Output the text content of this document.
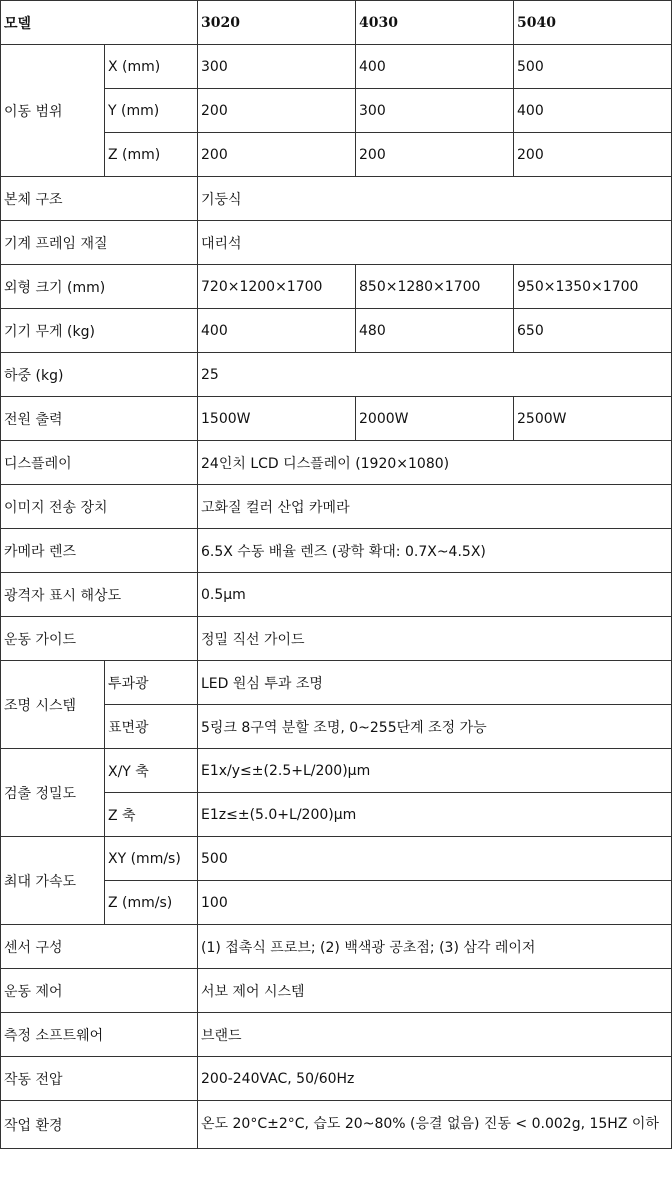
모델		3020	4030	5040
이동 범위	X (mm)	300	400	500
	Y (mm)	200	300	400
	Z (mm)	200	200	200
본체 구조		기둥식		
기계 프레임 재질		대리석		
외형 크기 (mm)		720×1200×1700	850×1280×1700	950×1350×1700
기기 무게 (kg)		400	480	650
하중 (kg)		25		
전원 출력		1500W	2000W	2500W
디스플레이		24인치 LCD 디스플레이 (1920×1080)		
이미지 전송 장치		고화질 컬러 산업 카메라		
카메라 렌즈		6.5X 수동 배율 렌즈 (광학 확대: 0.7X~4.5X)		
광격자 표시 해상도		0.5μm		
운동 가이드		정밀 직선 가이드		
조명 시스템	투과광	LED 원심 투과 조명		
	표면광	5링크 8구역 분할 조명, 0~255단계 조정 가능		
검출 정밀도	X/Y 축	E1x/y≤±(2.5+L/200)μm		
	Z 축	E1z≤±(5.0+L/200)μm		
최대 가속도	XY (mm/s)	500		
	Z (mm/s)	100		
센서 구성		(1) 접촉식 프로브; (2) 백색광 공초점; (3) 삼각 레이저		
운동 제어		서보 제어 시스템		
측정 소프트웨어		브랜드		
작동 전압		200-240VAC, 50/60Hz		
작업 환경		온도 20°C±2°C, 습도 20~80% (응결 없음) 진동 < 0.002g, 15HZ 이하		
